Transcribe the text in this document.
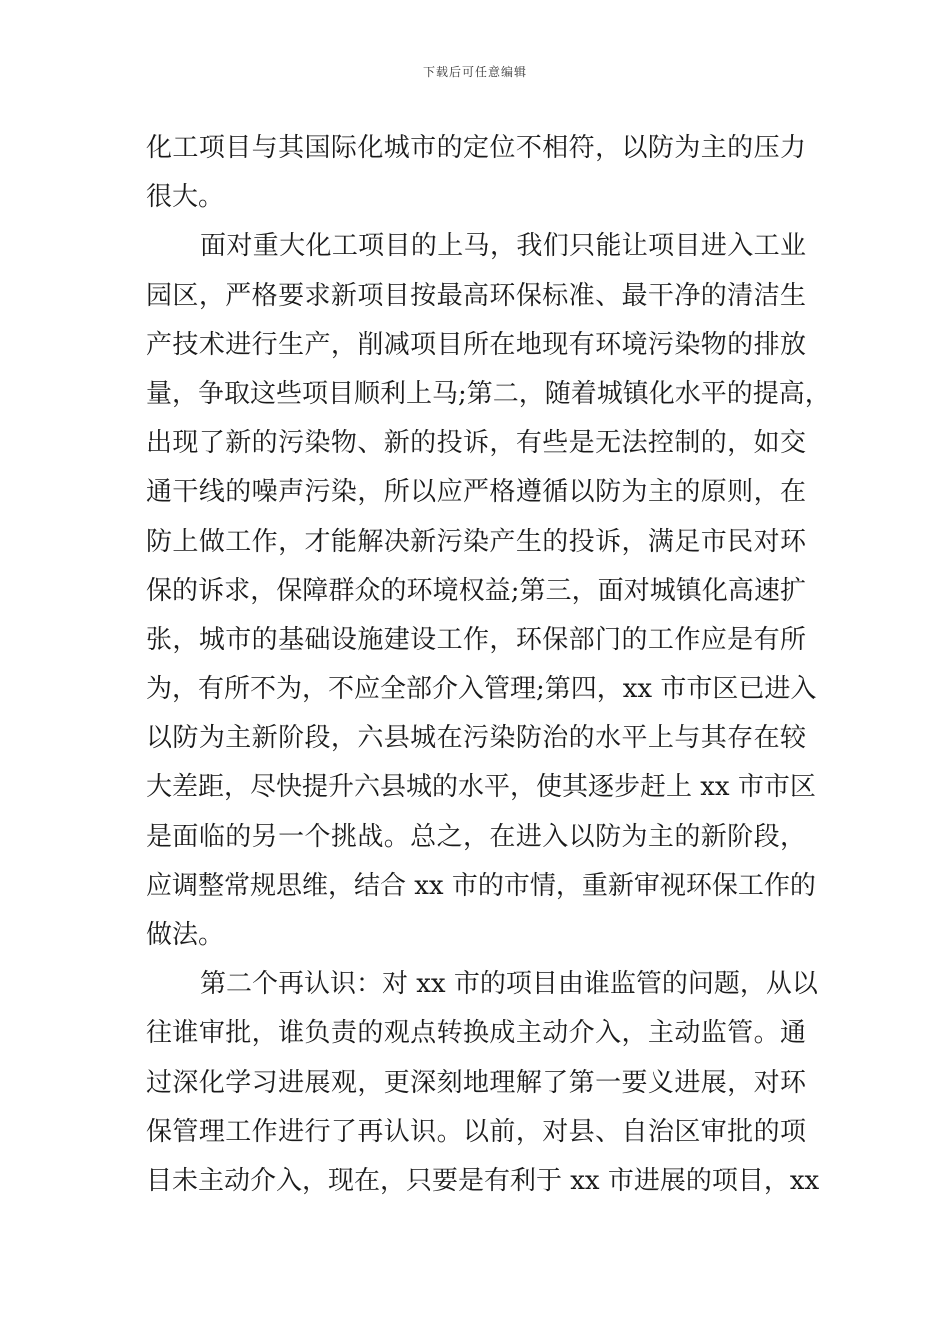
下载后可任意编辑
化工项目与其国际化城市的定位不相符，以防为主的压力
很大。
面对重大化工项目的上马，我们只能让项目进入工业
园区，严格要求新项目按最高环保标准、最干净的清洁生
产技术进行生产，削减项目所在地现有环境污染物的排放
量，争取这些项目顺利上马;第二，随着城镇化水平的提高，
出现了新的污染物、新的投诉，有些是无法控制的，如交
通干线的噪声污染，所以应严格遵循以防为主的原则，在
防上做工作，才能解决新污染产生的投诉，满足市民对环
保的诉求，保障群众的环境权益;第三，面对城镇化高速扩
张，城市的基础设施建设工作，环保部门的工作应是有所
为，有所不为，不应全部介入管理;第四，xx 市市区已进入
以防为主新阶段，六县城在污染防治的水平上与其存在较
大差距，尽快提升六县城的水平，使其逐步赶上 xx 市市区
是面临的另一个挑战。总之，在进入以防为主的新阶段，
应调整常规思维，结合 xx 市的市情，重新审视环保工作的
做法。
第二个再认识：对 xx 市的项目由谁监管的问题，从以
往谁审批，谁负责的观点转换成主动介入，主动监管。通
过深化学习进展观，更深刻地理解了第一要义进展，对环
保管理工作进行了再认识。以前，对县、自治区审批的项
目未主动介入，现在，只要是有利于 xx 市进展的项目，xx
